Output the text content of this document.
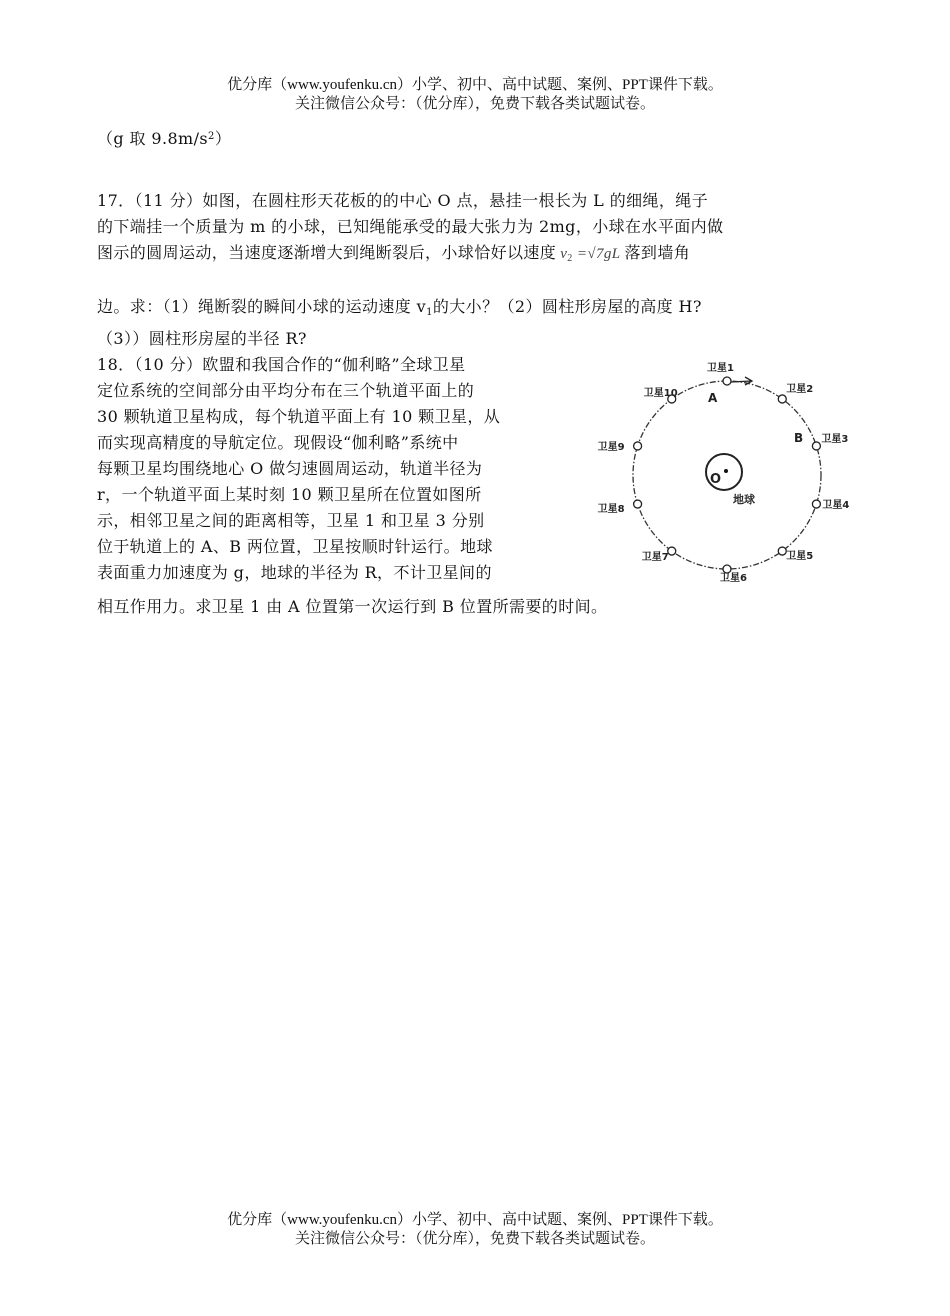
优分库（www.youfenku.cn）小学、初中、高中试题、案例、PPT课件下载。
关注微信公众号：（优分库），免费下载各类试题试卷。
（g 取 $9.8m/s^2$）
17．（11 分）如图，在圆柱形天花板的的中心 O 点，悬挂一根长为 L 的细绳，绳子
的下端挂一个质量为 m 的小球，已知绳能承受的最大张力为 2mg，小球在水平面内做
图示的圆周运动，当速度逐渐增大到绳断裂后，小球恰好以速度 $v_2 =√7gL$ 落到墙角
边。求：（1）绳断裂的瞬间小球的运动速度 $v_1$的大小？（2）圆柱形房屋的高度 H?
（3））圆柱形房屋的半径 R?
18．（10 分）欧盟和我国合作的“伽利略”全球卫星
定位系统的空间部分由平均分布在三个轨道平面上的
30 颗轨道卫星构成，每个轨道平面上有 10 颗卫星，从
而实现高精度的导航定位。现假设“伽利略”系统中
每颗卫星均围绕地心 O 做匀速圆周运动，轨道半径为
r，一个轨道平面上某时刻 10 颗卫星所在位置如图所
示，相邻卫星之间的距离相等，卫星 1 和卫星 3 分别
位于轨道上的 A、B 两位置，卫星按顺时针运行。地球
表面重力加速度为 g，地球的半径为 R，不计卫星间的
相互作用力。求卫星 1 由 A 位置第一次运行到 B 位置所需要的时间。
O
地球
A
B
卫星1
卫星2
卫星3
卫星4
卫星5
卫星6
卫星7
卫星8
卫星9
卫星10
优分库（www.youfenku.cn）小学、初中、高中试题、案例、PPT课件下载。
关注微信公众号：（优分库），免费下载各类试题试卷。
